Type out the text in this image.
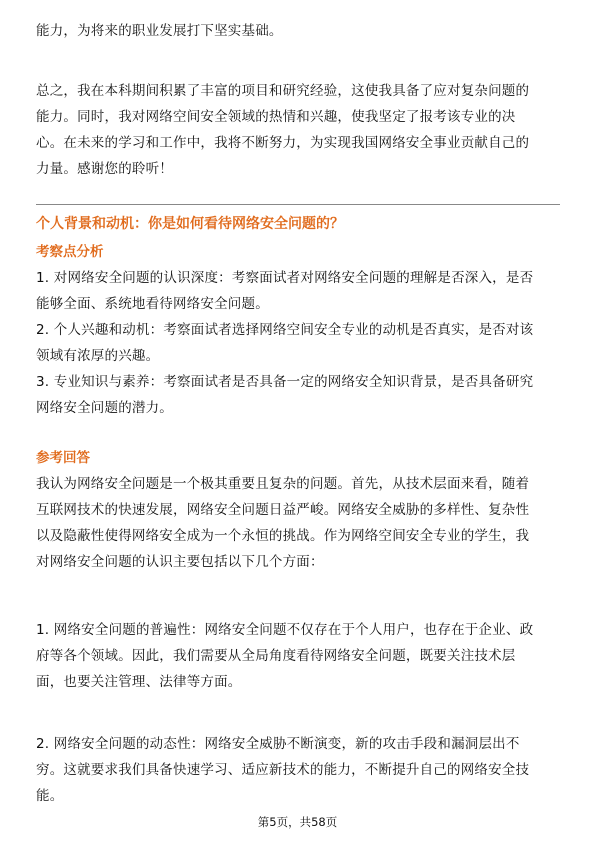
能力，为将来的职业发展打下坚实基础。

总之，我在本科期间积累了丰富的项目和研究经验，这使我具备了应对复杂问题的
能力。同时，我对网络空间安全领域的热情和兴趣，使我坚定了报考该专业的决
心。在未来的学习和工作中，我将不断努力，为实现我国网络安全事业贡献自己的
力量。感谢您的聆听！

个人背景和动机：你是如何看待网络安全问题的？
考察点分析

1. 对网络安全问题的认识深度：考察面试者对网络安全问题的理解是否深入，是否
能够全面、系统地看待网络安全问题。
2. 个人兴趣和动机：考察面试者选择网络空间安全专业的动机是否真实，是否对该
领域有浓厚的兴趣。
3. 专业知识与素养：考察面试者是否具备一定的网络安全知识背景，是否具备研究
网络安全问题的潜力。

参考回答

我认为网络安全问题是一个极其重要且复杂的问题。首先，从技术层面来看，随着
互联网技术的快速发展，网络安全问题日益严峻。网络安全威胁的多样性、复杂性
以及隐蔽性使得网络安全成为一个永恒的挑战。作为网络空间安全专业的学生，我
对网络安全问题的认识主要包括以下几个方面：

1. 网络安全问题的普遍性：网络安全问题不仅存在于个人用户，也存在于企业、政
府等各个领域。因此，我们需要从全局角度看待网络安全问题，既要关注技术层
面，也要关注管理、法律等方面。

2. 网络安全问题的动态性：网络安全威胁不断演变，新的攻击手段和漏洞层出不
穷。这就要求我们具备快速学习、适应新技术的能力，不断提升自己的网络安全技
能。

第5页，共58页
